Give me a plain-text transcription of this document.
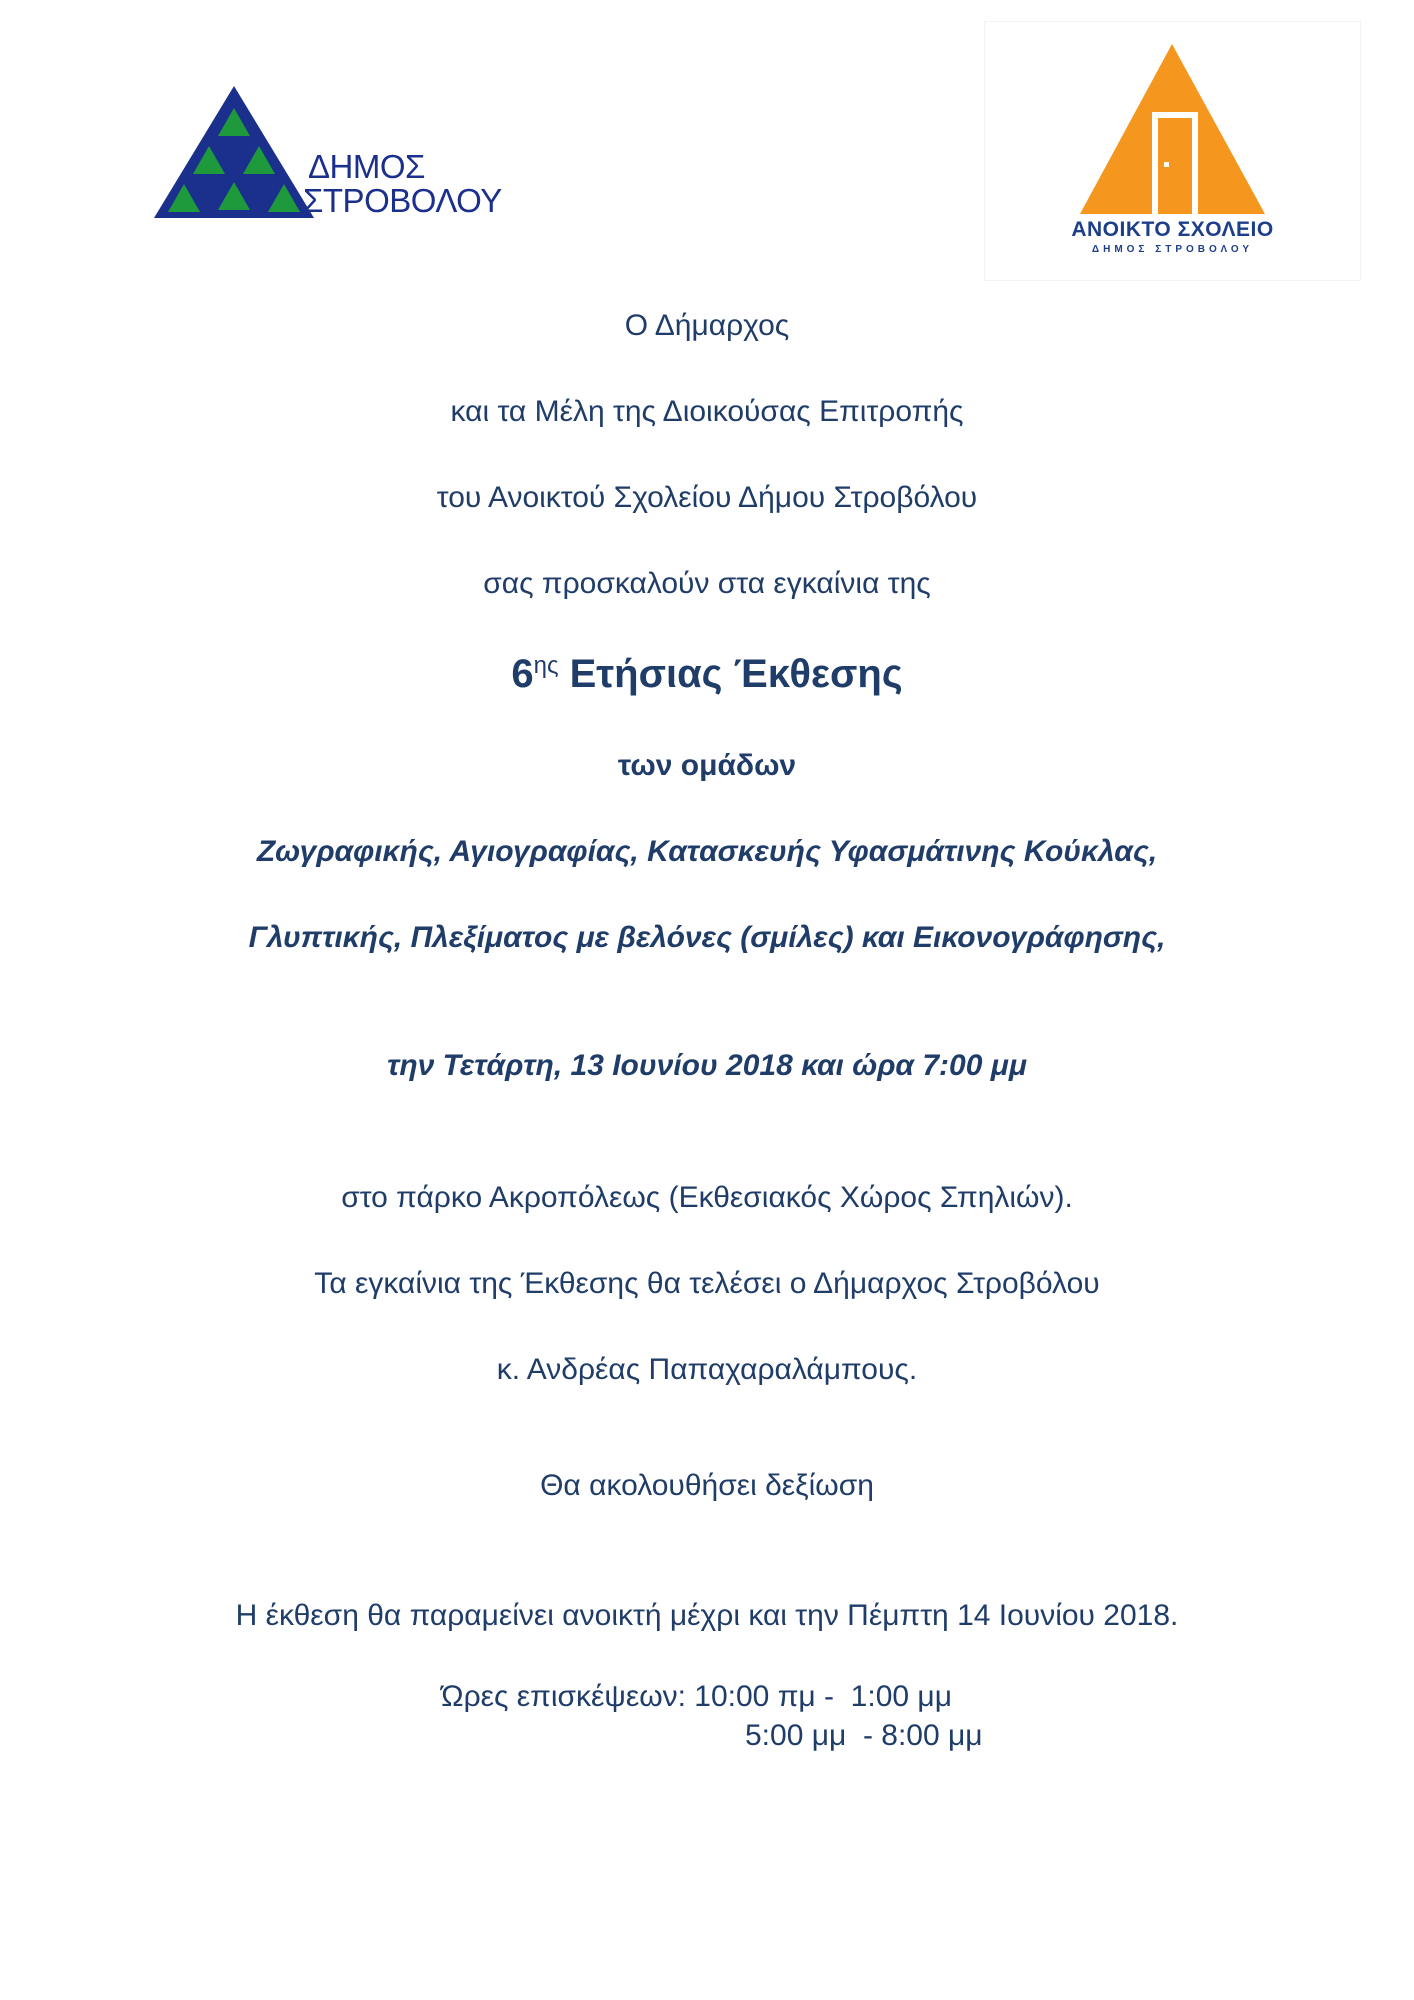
ΔΗΜΟΣ
ΣΤΡΟΒΟΛΟΥ
ΑΝΟΙΚΤΟ ΣΧΟΛΕΙΟ
ΔΗΜΟΣ ΣΤΡΟΒΟΛΟΥ
Ο Δήμαρχος
και τα Μέλη της Διοικούσας Επιτροπής
του Ανοικτού Σχολείου Δήμου Στροβόλου
σας προσκαλούν στα εγκαίνια της
$6^{\eta\varsigma}$ Ετήσιας Έκθεσης
των ομάδων
Ζωγραφικής, Αγιογραφίας, Κατασκευής Υφασμάτινης Κούκλας,
Γλυπτικής, Πλεξίματος με βελόνες (σμίλες) και Εικονογράφησης,
την Τετάρτη, 13 Ιουνίου 2018 και ώρα 7:00 μμ
στο πάρκο Ακροπόλεως (Εκθεσιακός Χώρος Σπηλιών).
Τα εγκαίνια της Έκθεσης θα τελέσει ο Δήμαρχος Στροβόλου
κ. Ανδρέας Παπαχαραλάμπους.
Θα ακολουθήσει δεξίωση
Η έκθεση θα παραμείνει ανοικτή μέχρι και την Πέμπτη 14 Ιουνίου 2018.
Ώρες επισκέψεων: 10:00 πμ -  1:00 μμ
5:00 μμ  - 8:00 μμ
